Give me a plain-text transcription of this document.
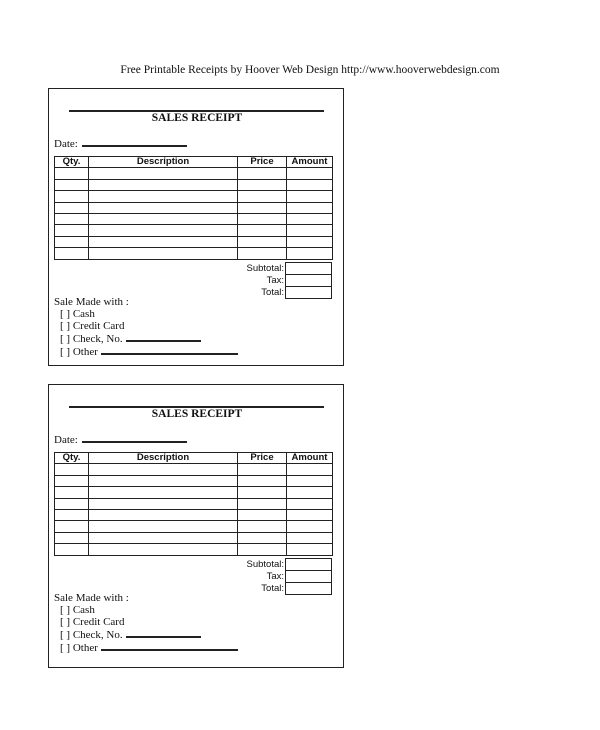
Free Printable Receipts by Hoover Web Design http://www.hooverwebdesign.com
SALES RECEIPT
Date:
Qty.	Description	Price	Amount

Subtotal:	
Tax:	
Total:	
Sale Made with :
[ ] Cash
[ ] Credit Card
[ ] Check, No.
[ ] Other
SALES RECEIPT
Date:
Qty.	Description	Price	Amount

Subtotal:	
Tax:	
Total:	
Sale Made with :
[ ] Cash
[ ] Credit Card
[ ] Check, No.
[ ] Other
